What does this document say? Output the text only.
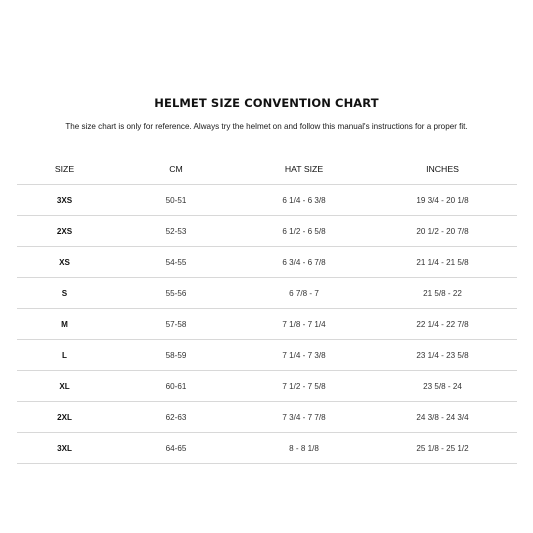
HELMET SIZE CONVENTION CHART
The size chart is only for reference. Always try the helmet on and follow this manual's instructions for a proper fit.
SIZE	CM	HAT SIZE	INCHES
3XS	50-51	6 1/4 - 6 3/8	19 3/4 - 20 1/8
2XS	52-53	6 1/2 - 6 5/8	20 1/2 - 20 7/8
XS	54-55	6 3/4 - 6 7/8	21 1/4 - 21 5/8
S	55-56	6 7/8 - 7	21 5/8 - 22
M	57-58	7 1/8 - 7 1/4	22 1/4 - 22 7/8
L	58-59	7 1/4 - 7 3/8	23 1/4 - 23 5/8
XL	60-61	7 1/2 - 7 5/8	23 5/8 - 24
2XL	62-63	7 3/4 - 7 7/8	24 3/8 - 24 3/4
3XL	64-65	8 - 8 1/8	25 1/8 - 25 1/2
